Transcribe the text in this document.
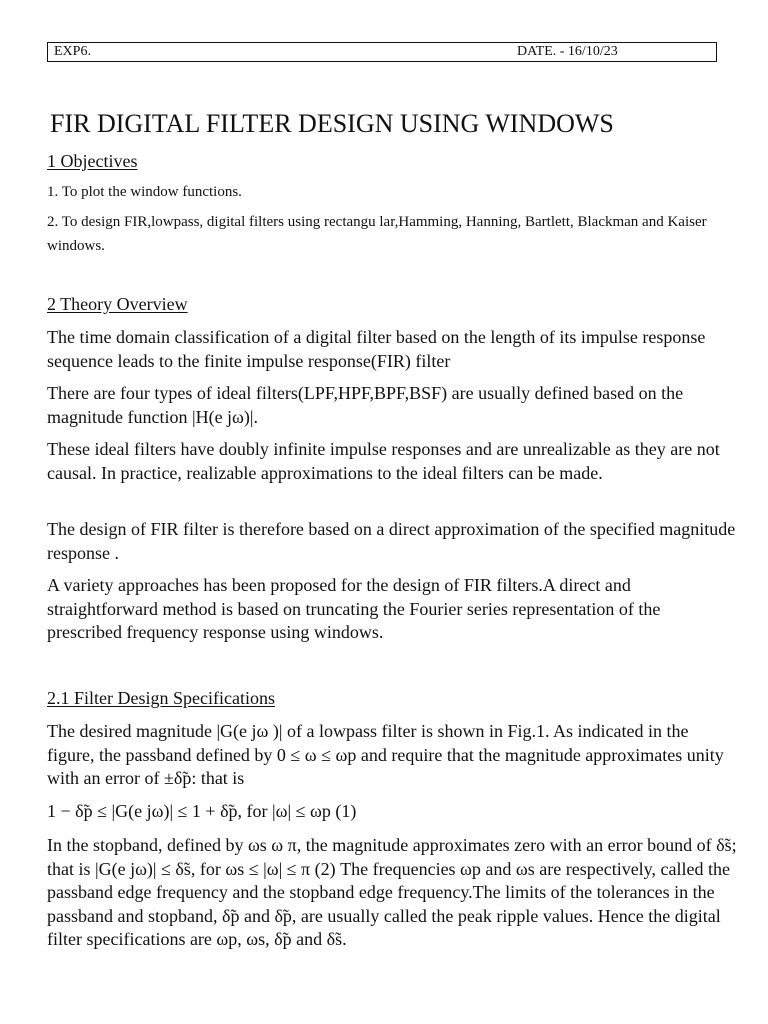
EXP6.	DATE. - 16/10/23
FIR DIGITAL FILTER DESIGN USING WINDOWS
1 Objectives

1. To plot the window functions.

2. To design FIR,lowpass, digital filters using rectangu lar,Hamming, Hanning, Bartlett, Blackman and Kaiser windows.

2 Theory Overview

The time domain classification of a digital filter based on the length of its impulse response sequence leads to the finite impulse response(FIR) filter

There are four types of ideal filters(LPF,HPF,BPF,BSF) are usually defined based on the magnitude function |H(e jω)|.

These ideal filters have doubly infinite impulse responses and are unrealizable as they are not causal. In practice, realizable approximations to the ideal filters can be made.

The design of FIR filter is therefore based on a direct approximation of the specified magnitude response .

A variety approaches has been proposed for the design of FIR filters.A direct and straightforward method is based on truncating the Fourier series representation of the prescribed frequency response using windows.

2.1 Filter Design Specifications

The desired magnitude |G(e jω )| of a lowpass filter is shown in Fig.1. As indicated in the figure, the passband defined by 0 ≤ ω ≤ ωp and require that the magnitude approximates unity with an error of ±δ̃p: that is

1 − δ̃p ≤ |G(e jω)| ≤ 1 + δ̃p, for |ω| ≤ ωp (1)

In the stopband, defined by ωs ω π, the magnitude approximates zero with an error bound of δ̃s; that is |G(e jω)| ≤ δ̃s, for ωs ≤ |ω| ≤ π (2) The frequencies ωp and ωs are respectively, called the passband edge frequency and the stopband edge frequency.The limits of the tolerances in the passband and stopband, δ̃p and δ̃p, are usually called the peak ripple values. Hence the digital filter specifications are ωp, ωs, δ̃p and δ̃s.
